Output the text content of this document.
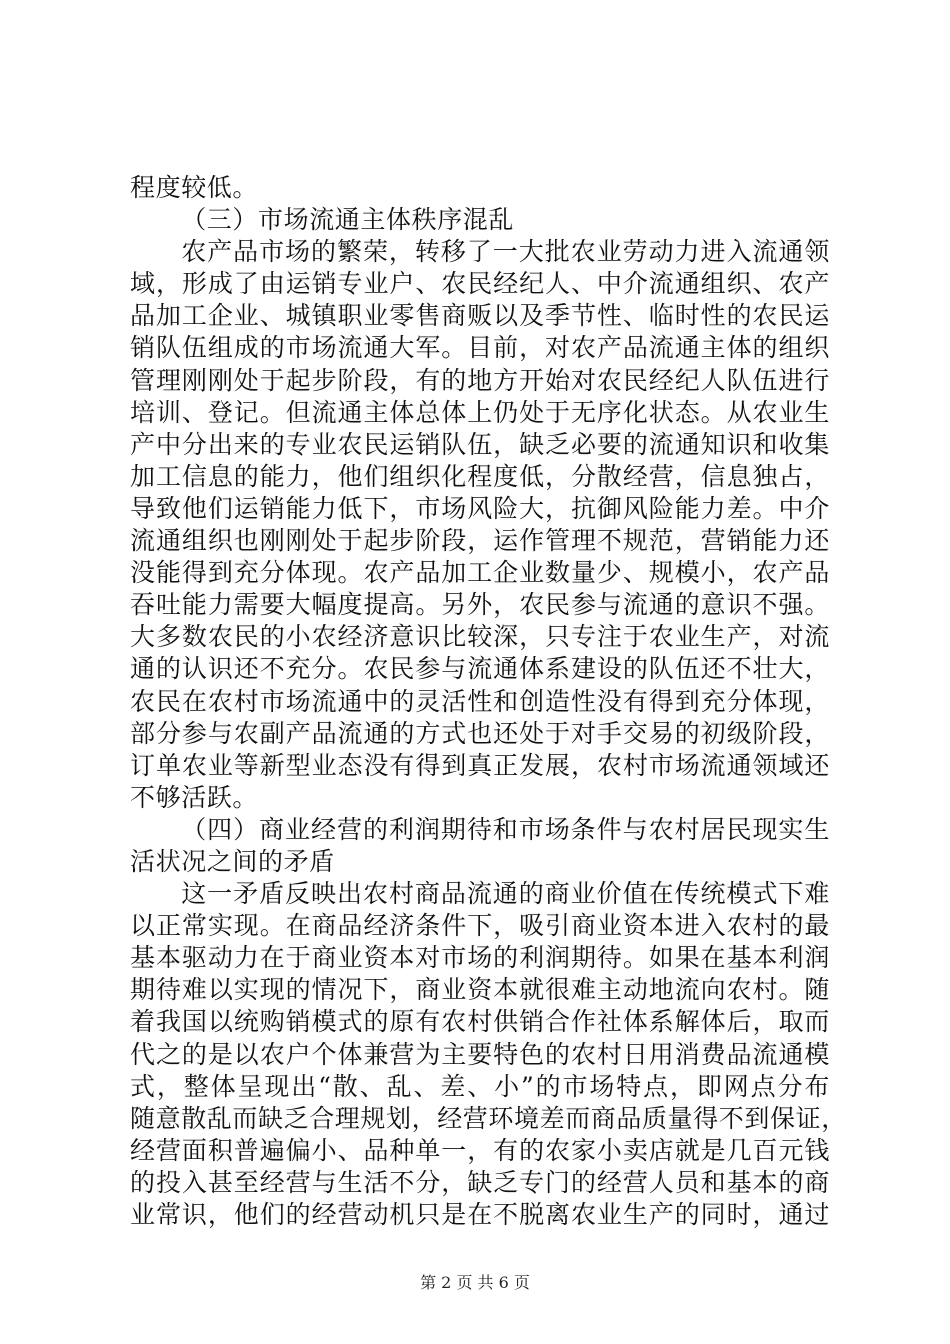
程度较低。
（三）市场流通主体秩序混乱
农产品市场的繁荣，转移了一大批农业劳动力进入流通领
域，形成了由运销专业户、农民经纪人、中介流通组织、农产
品加工企业、城镇职业零售商贩以及季节性、临时性的农民运
销队伍组成的市场流通大军。目前，对农产品流通主体的组织
管理刚刚处于起步阶段，有的地方开始对农民经纪人队伍进行
培训、登记。但流通主体总体上仍处于无序化状态。从农业生
产中分出来的专业农民运销队伍，缺乏必要的流通知识和收集
加工信息的能力，他们组织化程度低，分散经营，信息独占，
导致他们运销能力低下，市场风险大，抗御风险能力差。中介
流通组织也刚刚处于起步阶段，运作管理不规范，营销能力还
没能得到充分体现。农产品加工企业数量少、规模小，农产品
吞吐能力需要大幅度提高。另外，农民参与流通的意识不强。
大多数农民的小农经济意识比较深，只专注于农业生产，对流
通的认识还不充分。农民参与流通体系建设的队伍还不壮大，
农民在农村市场流通中的灵活性和创造性没有得到充分体现，
部分参与农副产品流通的方式也还处于对手交易的初级阶段，
订单农业等新型业态没有得到真正发展，农村市场流通领域还
不够活跃。
（四）商业经营的利润期待和市场条件与农村居民现实生
活状况之间的矛盾
这一矛盾反映出农村商品流通的商业价值在传统模式下难
以正常实现。在商品经济条件下，吸引商业资本进入农村的最
基本驱动力在于商业资本对市场的利润期待。如果在基本利润
期待难以实现的情况下，商业资本就很难主动地流向农村。随
着我国以统购销模式的原有农村供销合作社体系解体后，取而
代之的是以农户个体兼营为主要特色的农村日用消费品流通模
式，整体呈现出“散、乱、差、小”的市场特点，即网点分布
随意散乱而缺乏合理规划，经营环境差而商品质量得不到保证，
经营面积普遍偏小、品种单一，有的农家小卖店就是几百元钱
的投入甚至经营与生活不分，缺乏专门的经营人员和基本的商
业常识，他们的经营动机只是在不脱离农业生产的同时，通过
第 2 页 共 6 页
